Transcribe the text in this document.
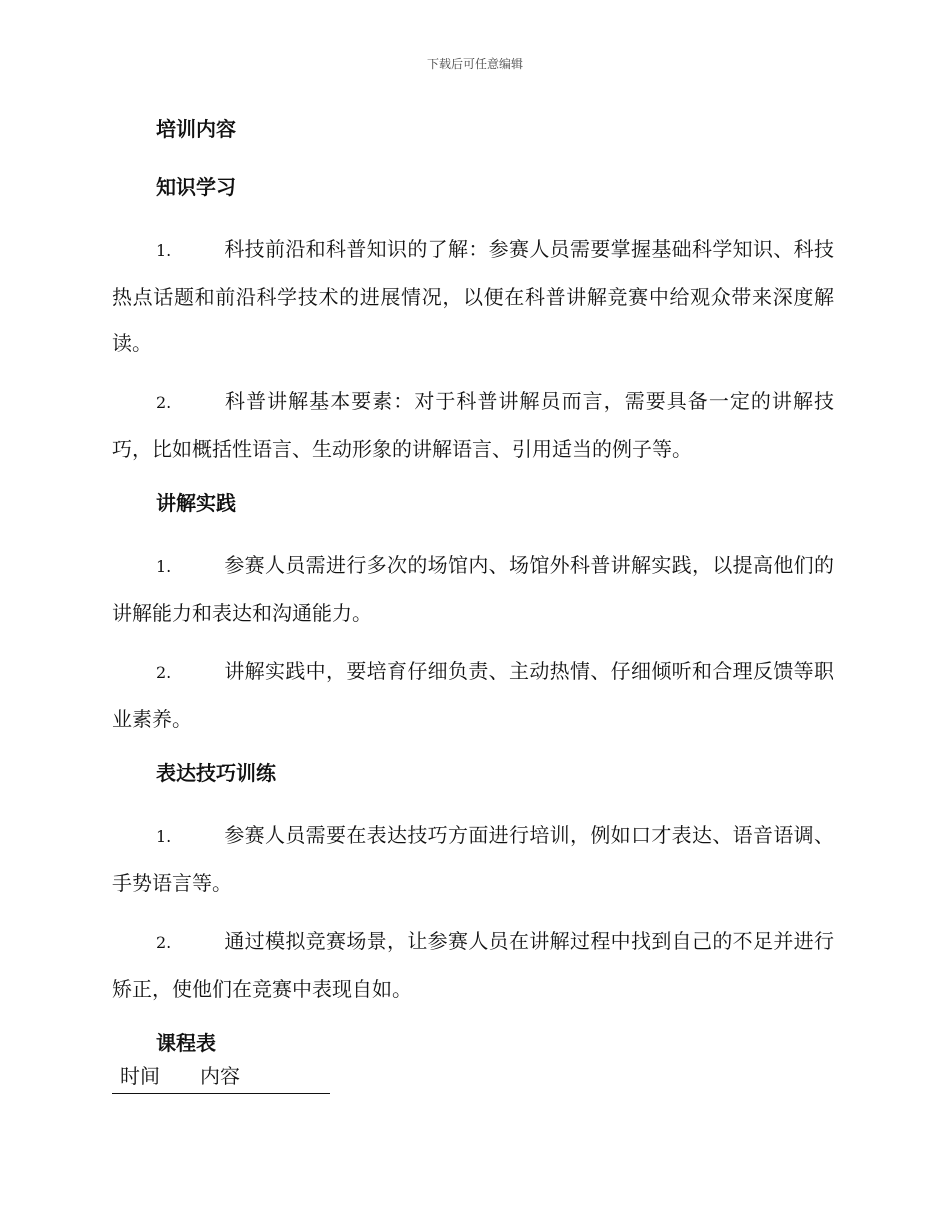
下载后可任意编辑

培训内容

知识学习

1.	科技前沿和科普知识的了解：参赛人员需要掌握基础科学知识、科技热点话题和前沿科学技术的进展情况，以便在科普讲解竞赛中给观众带来深度解读。

2.	科普讲解基本要素：对于科普讲解员而言，需要具备一定的讲解技巧，比如概括性语言、生动形象的讲解语言、引用适当的例子等。

讲解实践

1.	参赛人员需进行多次的场馆内、场馆外科普讲解实践，以提高他们的讲解能力和表达和沟通能力。

2.	讲解实践中，要培育仔细负责、主动热情、仔细倾听和合理反馈等职业素养。

表达技巧训练

1.	参赛人员需要在表达技巧方面进行培训，例如口才表达、语音语调、手势语言等。

2.	通过模拟竞赛场景，让参赛人员在讲解过程中找到自己的不足并进行矫正，使他们在竞赛中表现自如。

课程表

时间 内容
